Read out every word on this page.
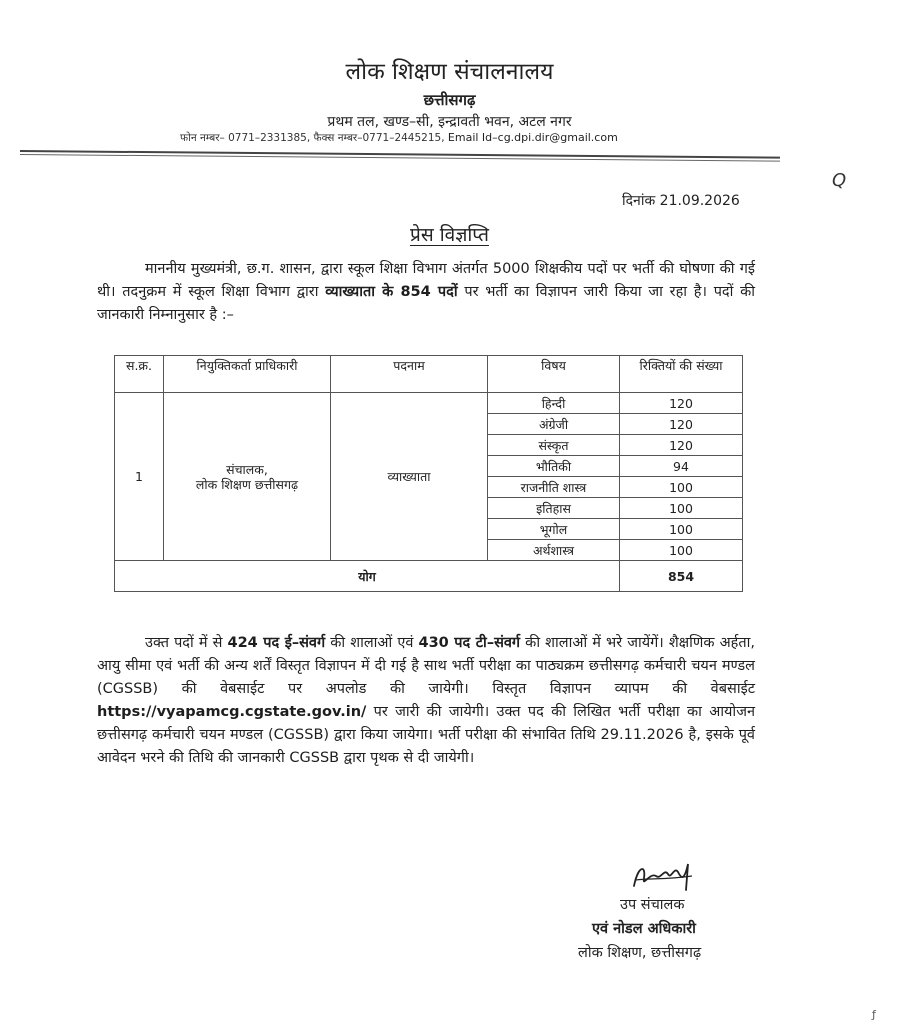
लोक शिक्षण संचालनालय
छत्तीसगढ़
प्रथम तल, खण्ड–सी, इन्द्रावती भवन, अटल नगर
फोन नम्बर– 0771–2331385, फैक्स नम्बर–0771–2445215, Email Id–cg.dpi.dir@gmail.com
Q
दिनांक 21.09.2026
प्रेस विज्ञप्ति
माननीय मुख्यमंत्री, छ.ग. शासन, द्वारा स्कूल शिक्षा विभाग अंतर्गत 5000 शिक्षकीय पदों पर भर्ती की घोषणा की गई थी। तदनुक्रम में स्कूल शिक्षा विभाग द्वारा व्याख्याता के 854 पदों पर भर्ती का विज्ञापन जारी किया जा रहा है। पदों की जानकारी निम्नानुसार है :–
स.क्र.	नियुक्तिकर्ता प्राधिकारी	पदनाम	विषय	रिक्तियों की संख्या
1	संचालक,
लोक शिक्षण छत्तीसगढ़	व्याख्याता	हिन्दी	120
			अंग्रेजी	120
			संस्कृत	120
			भौतिकी	94
			राजनीति शास्त्र	100
			इतिहास	100
			भूगोल	100
			अर्थशास्त्र	100
योग				854
उक्त पदों में से 424 पद ई–संवर्ग की शालाओं एवं 430 पद टी–संवर्ग की शालाओं में भरे जायेंगें। शैक्षणिक अर्हता, आयु सीमा एवं भर्ती की अन्य शर्तें विस्तृत विज्ञापन में दी गई है साथ भर्ती परीक्षा का पाठ्यक्रम छत्तीसगढ़ कर्मचारी चयन मण्डल (CGSSB) की वेबसाईट पर अपलोड की जायेगी। विस्तृत विज्ञापन व्यापम की वेबसाईट https://vyapamcg.cgstate.gov.in/ पर जारी की जायेगी। उक्त पद की लिखित भर्ती परीक्षा का आयोजन छत्तीसगढ़ कर्मचारी चयन मण्डल (CGSSB) द्वारा किया जायेगा। भर्ती परीक्षा की संभावित तिथि 29.11.2026 है, इसके पूर्व आवेदन भरने की तिथि की जानकारी CGSSB द्वारा पृथक से दी जायेगी।
उप संचालक
एवं नोडल अधिकारी
लोक शिक्षण, छत्तीसगढ़
ƒ
